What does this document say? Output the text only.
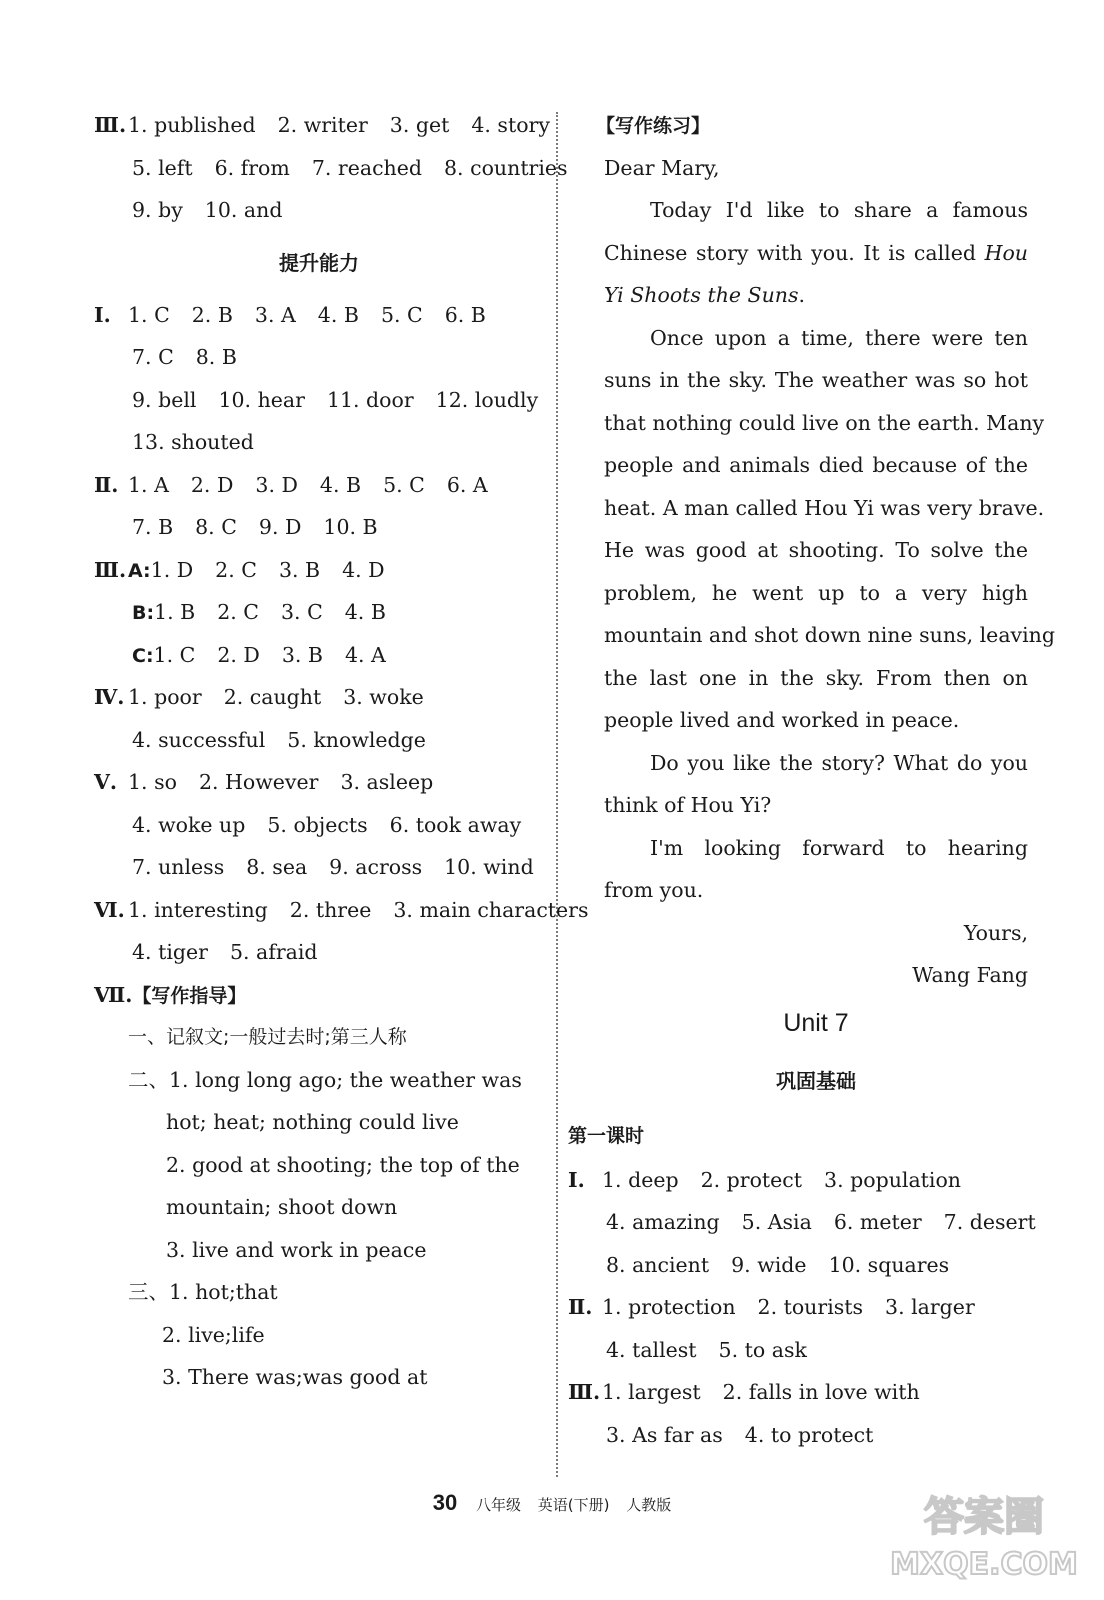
Ⅲ.1. published 2. writer 3. get 4. story
5. left 6. from 7. reached 8. countries
9. by 10. and
提升能力
Ⅰ. 1. C 2. B 3. A 4. B 5. C 6. B
7. C 8. B
9. bell 10. hear 11. door 12. loudly
13. shouted
Ⅱ. 1. A 2. D 3. D 4. B 5. C 6. A
7. B 8. C 9. D 10. B
Ⅲ.A:1. D 2. C 3. B 4. D
B:1. B 2. C 3. C 4. B
C:1. C 2. D 3. B 4. A
Ⅳ. 1. poor 2. caught 3. woke
4. successful 5. knowledge
Ⅴ. 1. so 2. However 3. asleep
4. woke up 5. objects 6. took away
7. unless 8. sea 9. across 10. wind
Ⅵ. 1. interesting 2. three 3. main characters
4. tiger 5. afraid
Ⅶ.【写作指导】
一、记叙文;一般过去时;第三人称
二、1. long long ago; the weather was
hot; heat; nothing could live
2. good at shooting; the top of the
mountain; shoot down
3. live and work in peace
三、1. hot;that
2. live;life
3. There was;was good at
【写作练习】
Dear Mary,
Today I'd like to share a famous
Chinese story with you. It is called Hou
Yi Shoots the Suns.
Once upon a time, there were ten
suns in the sky. The weather was so hot
that nothing could live on the earth. Many
people and animals died because of the
heat. A man called Hou Yi was very brave.
He was good at shooting. To solve the
problem, he went up to a very high
mountain and shot down nine suns, leaving
the last one in the sky. From then on
people lived and worked in peace.
Do you like the story? What do you
think of Hou Yi?
I'm looking forward to hearing
from you.
Yours,
Wang Fang
Unit 7
巩固基础
第一课时
Ⅰ. 1. deep 2. protect 3. population
4. amazing 5. Asia 6. meter 7. desert
8. ancient 9. wide 10. squares
Ⅱ. 1. protection 2. tourists 3. larger
4. tallest 5. to ask
Ⅲ.1. largest 2. falls in love with
3. As far as 4. to protect
30 八年级 英语(下册) 人教版	答案圈
MXQE.COM
